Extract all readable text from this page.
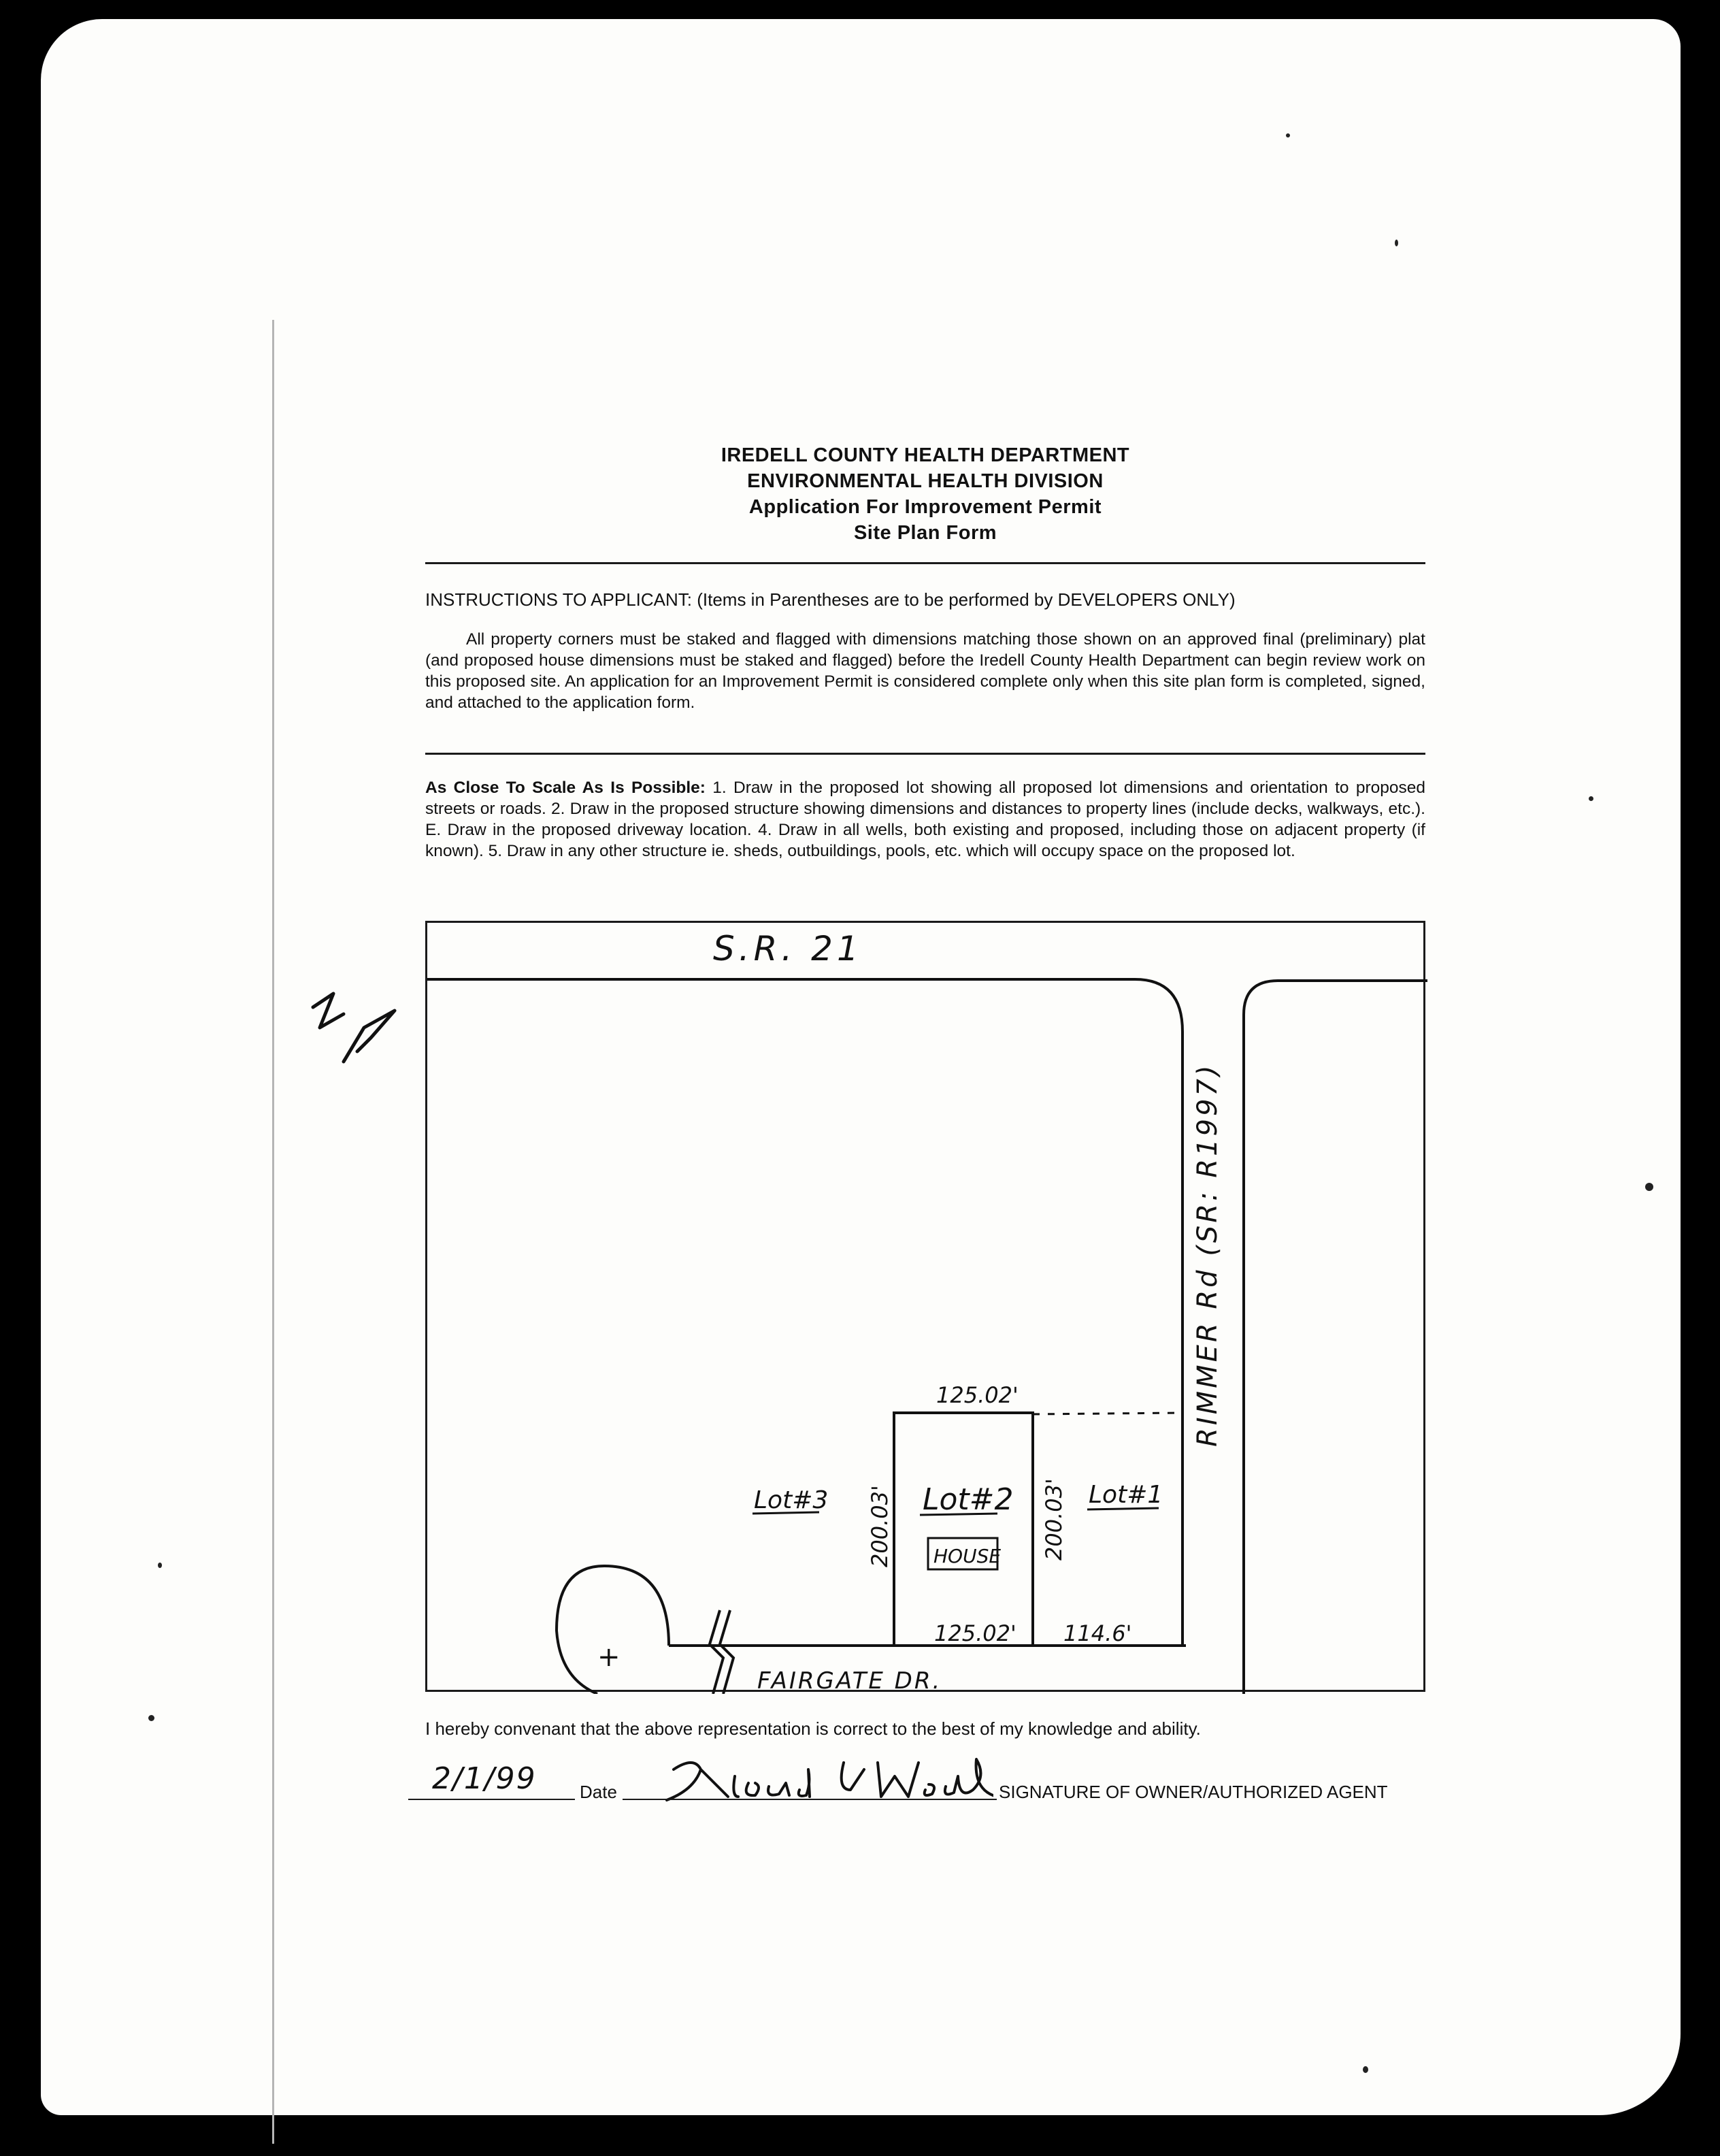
IREDELL COUNTY HEALTH DEPARTMENT
ENVIRONMENTAL HEALTH DIVISION
Application For Improvement Permit
Site Plan Form
INSTRUCTIONS TO APPLICANT: (Items in Parentheses are to be performed by DEVELOPERS ONLY)
All property corners must be staked and flagged with dimensions matching those shown on an approved final (preliminary) plat (and proposed house dimensions must be staked and flagged) before the Iredell County Health Department can begin review work on this proposed site. An application for an Improvement Permit is considered complete only when this site plan form is completed, signed, and attached to the application form.
As Close To Scale As Is Possible: 1. Draw in the proposed lot showing all proposed lot dimensions and orientation to proposed streets or roads. 2. Draw in the proposed structure showing dimensions and distances to property lines (include decks, walkways, etc.). E. Draw in the proposed driveway location. 4. Draw in all wells, both existing and proposed, including those on adjacent property (if known). 5. Draw in any other structure ie. sheds, outbuildings, pools, etc. which will occupy space on the proposed lot.
N
S.R. 21
RIMMER Rd (SR: R1997)
FAIRGATE DR.
Lot#3	Lot#2	Lot#1
HOUSE
125.02'
125.02' 114.6'
200.03'	200.03'
+
I hereby convenant that the above representation is correct to the best of my knowledge and ability.
2/1/99 Date	SIGNATURE OF OWNER/AUTHORIZED AGENT
